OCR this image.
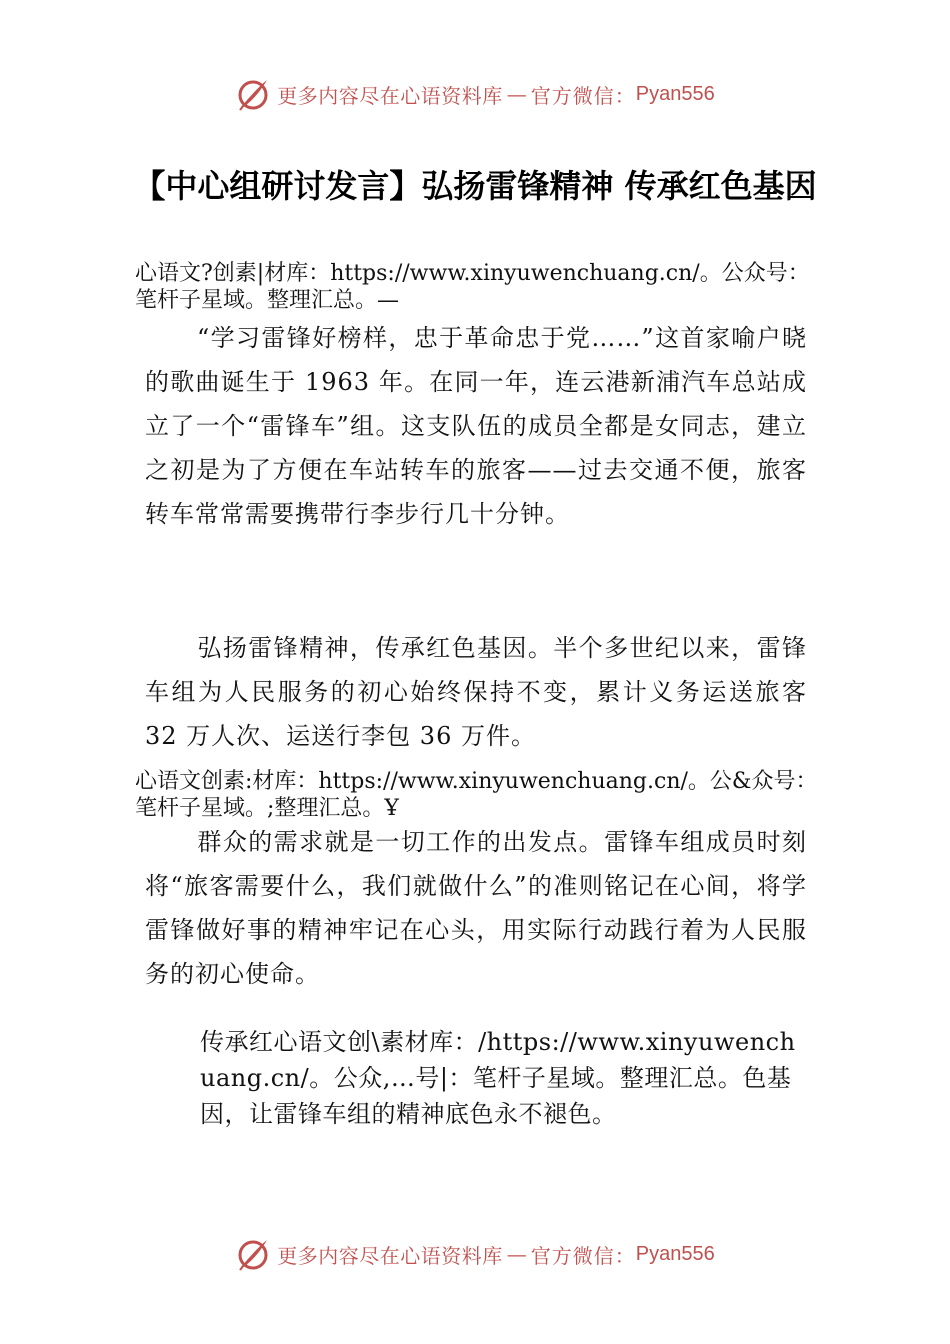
更多内容尽在心语资料库 — 官方微信： Pyan556
【中心组研讨发言】弘扬雷锋精神 传承红色基因

心语文?创素|材库：https://www.xinyuwenchuang.cn/。公众号：笔杆子星域。整理汇总。—

“学习雷锋好榜样，忠于革命忠于党……”这首家喻户晓的歌曲诞生于 1963 年。在同一年，连云港新浦汽车总站成立了一个“雷锋车”组。这支队伍的成员全都是女同志，建立之初是为了方便在车站转车的旅客——过去交通不便，旅客转车常常需要携带行李步行几十分钟。

弘扬雷锋精神，传承红色基因。半个多世纪以来，雷锋车组为人民服务的初心始终保持不变，累计义务运送旅客 32 万人次、运送行李包 36 万件。

心语文创素:材库：https://www.xinyuwenchuang.cn/。公&众号：笔杆子星域。;整理汇总。Ұ

群众的需求就是一切工作的出发点。雷锋车组成员时刻将“旅客需要什么，我们就做什么”的准则铭记在心间，将学雷锋做好事的精神牢记在心头，用实际行动践行着为人民服务的初心使命。

传承红心语文创\素材库：/https://www.xinyuwenchuang.cn/。公众,…号|：笔杆子星域。整理汇总。色基因，让雷锋车组的精神底色永不褪色。

更多内容尽在心语资料库 — 官方微信： Pyan556
